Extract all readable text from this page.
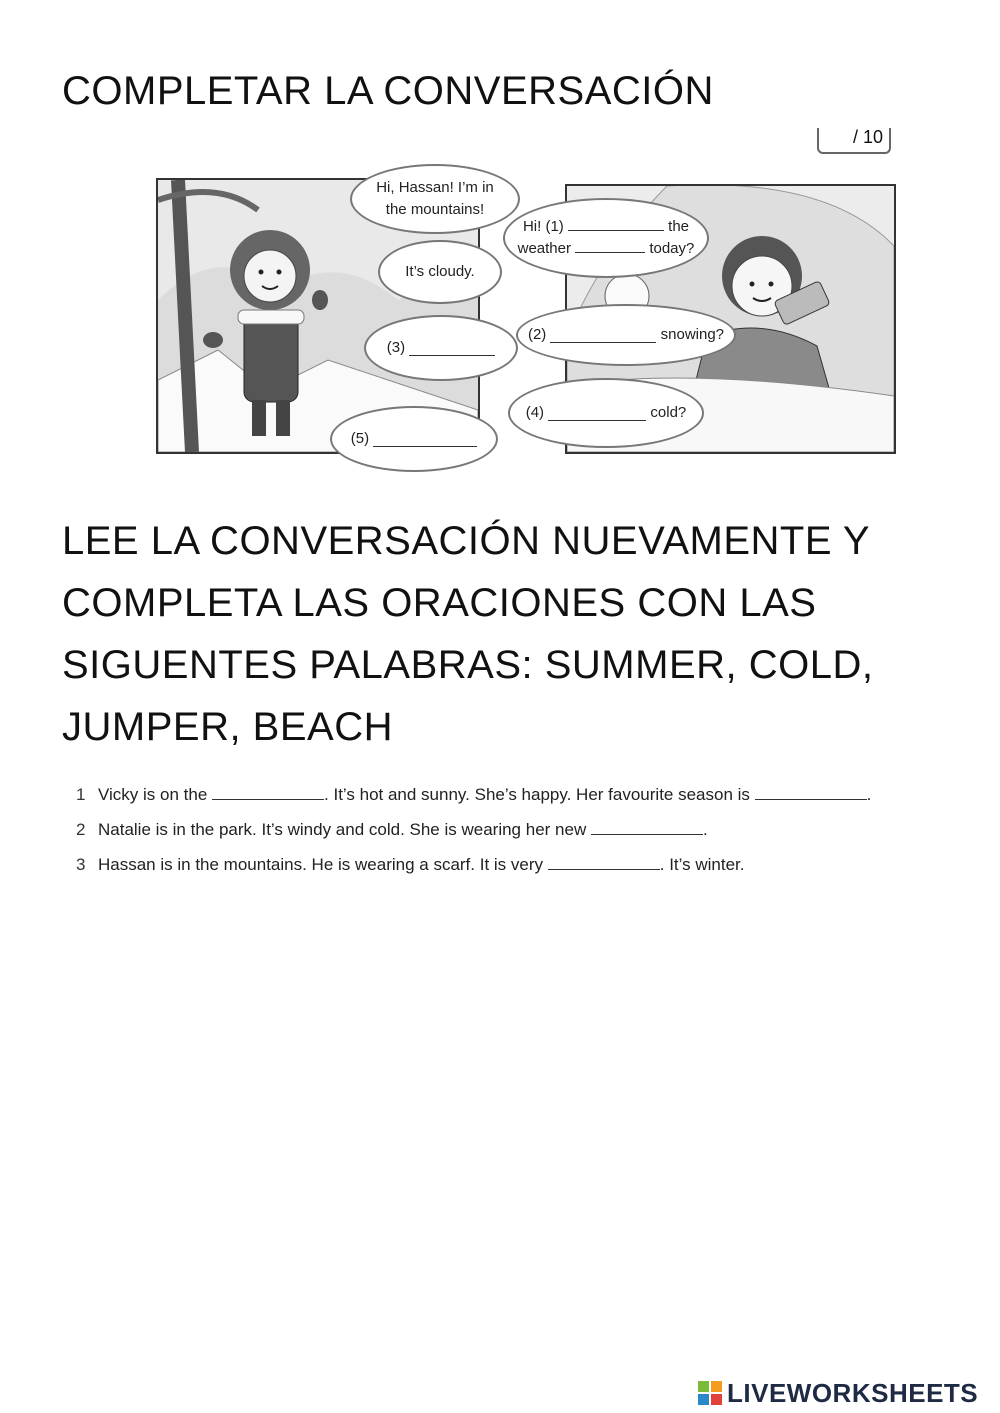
COMPLETAR LA CONVERSACIÓN
/ 10
Hi, Hassan! I’m in the mountains!
It’s cloudy.
(3)

(5)

Hi! (1)	the
weather	today?
(2)

	snowing?
(4)

	cold?
LEE LA CONVERSACIÓN NUEVAMENTE Y COMPLETA LAS ORACIONES CON LAS SIGUENTES PALABRAS: SUMMER, COLD, JUMPER, BEACH
1 Vicky is on the	. It’s hot and sunny. She’s happy. Her favourite season is	.
2 Natalie is in the park. It’s windy and cold. She is wearing her new	.
3 Hassan is in the mountains. He is wearing a scarf. It is very	. It’s winter.
LIVEWORKSHEETS
